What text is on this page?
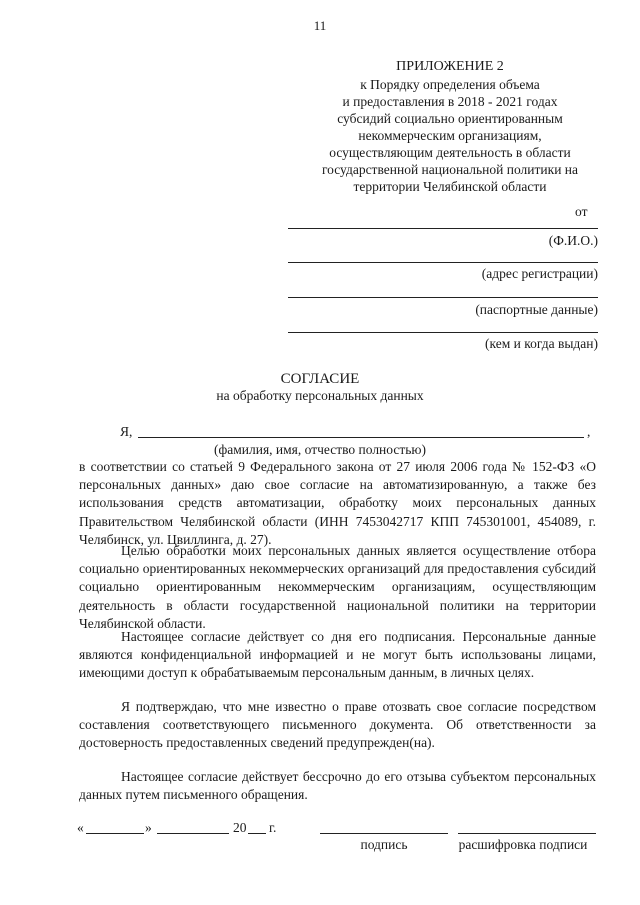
11
ПРИЛОЖЕНИЕ 2
к Порядку определения объема
и предоставления в 2018 - 2021 годах
субсидий социально ориентированным
некоммерческим организациям,
осуществляющим деятельность в области
государственной национальной политики на
территории Челябинской области
от
(Ф.И.О.)
(адрес регистрации)
(паспортные данные)
(кем и когда выдан)
СОГЛАСИЕ
на обработку персональных данных
Я,	,
(фамилия, имя, отчество полностью)
в соответствии со статьей 9 Федерального закона от 27 июля 2006 года № 152-ФЗ «О персональных данных» даю свое согласие на автоматизированную, а также без использования средств автоматизации, обработку моих персональных данных Правительством Челябинской области (ИНН 7453042717 КПП 745301001, 454089, г. Челябинск, ул. Цвиллинга, д. 27).
Целью обработки моих персональных данных является осуществление отбора социально ориентированных некоммерческих организаций для предоставления субсидий социально ориентированным некоммерческим организациям, осуществляющим деятельность в области государственной национальной политики на территории Челябинской области.
Настоящее согласие действует со дня его подписания. Персональные данные являются конфиденциальной информацией и не могут быть использованы лицами, имеющими доступ к обрабатываемым персональным данным, в личных целях.
Я подтверждаю, что мне известно о праве отозвать свое согласие посредством составления соответствующего письменного документа. Об ответственности за достоверность предоставленных сведений предупрежден(на).
Настоящее согласие действует бессрочно до его отзыва субъектом персональных данных путем письменного обращения.
«	»	20 г.
подпись	расшифровка подписи
